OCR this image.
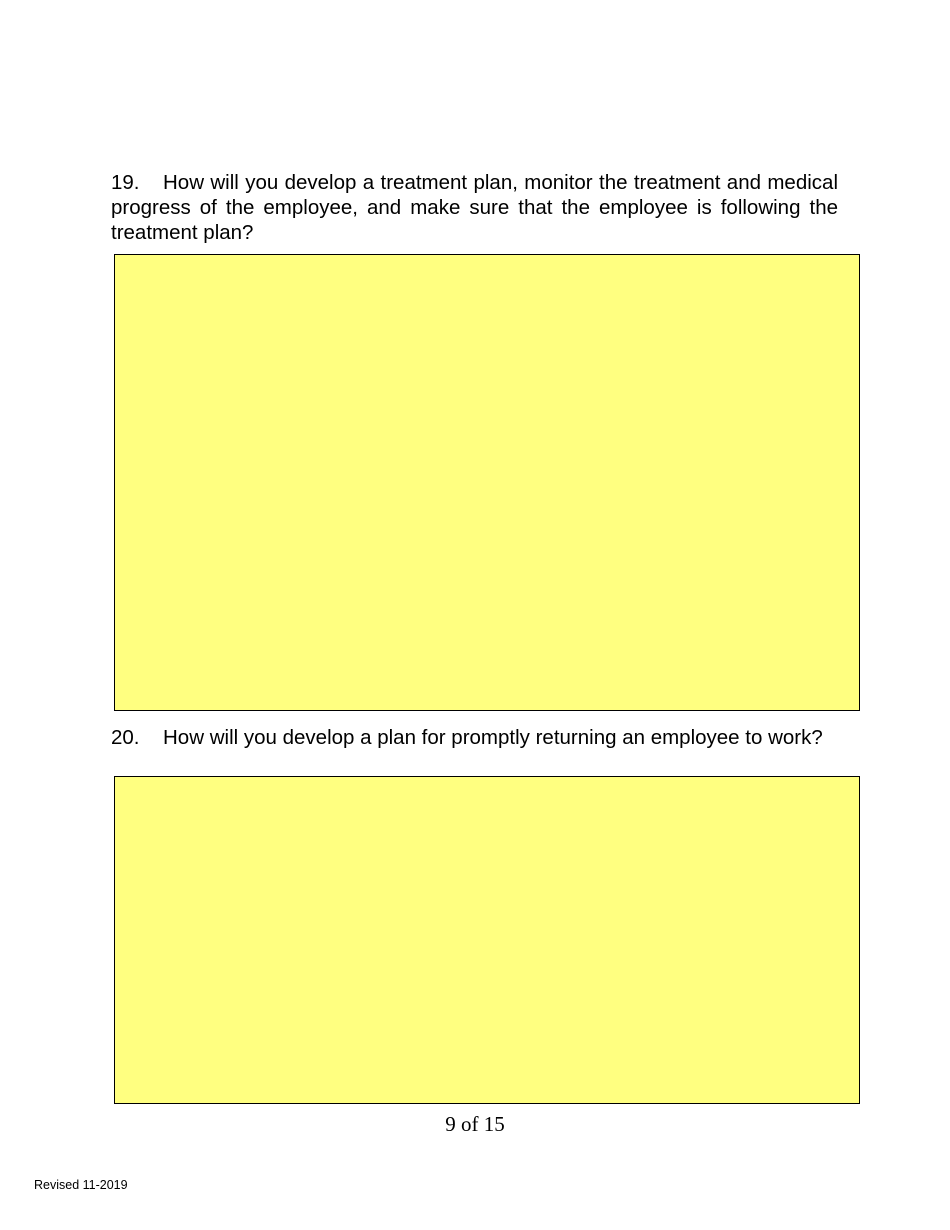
19. How will you develop a treatment plan, monitor the treatment and medical progress of the employee, and make sure that the employee is following the treatment plan?

20. How will you develop a plan for promptly returning an employee to work?

9 of 15
Revised 11-2019
